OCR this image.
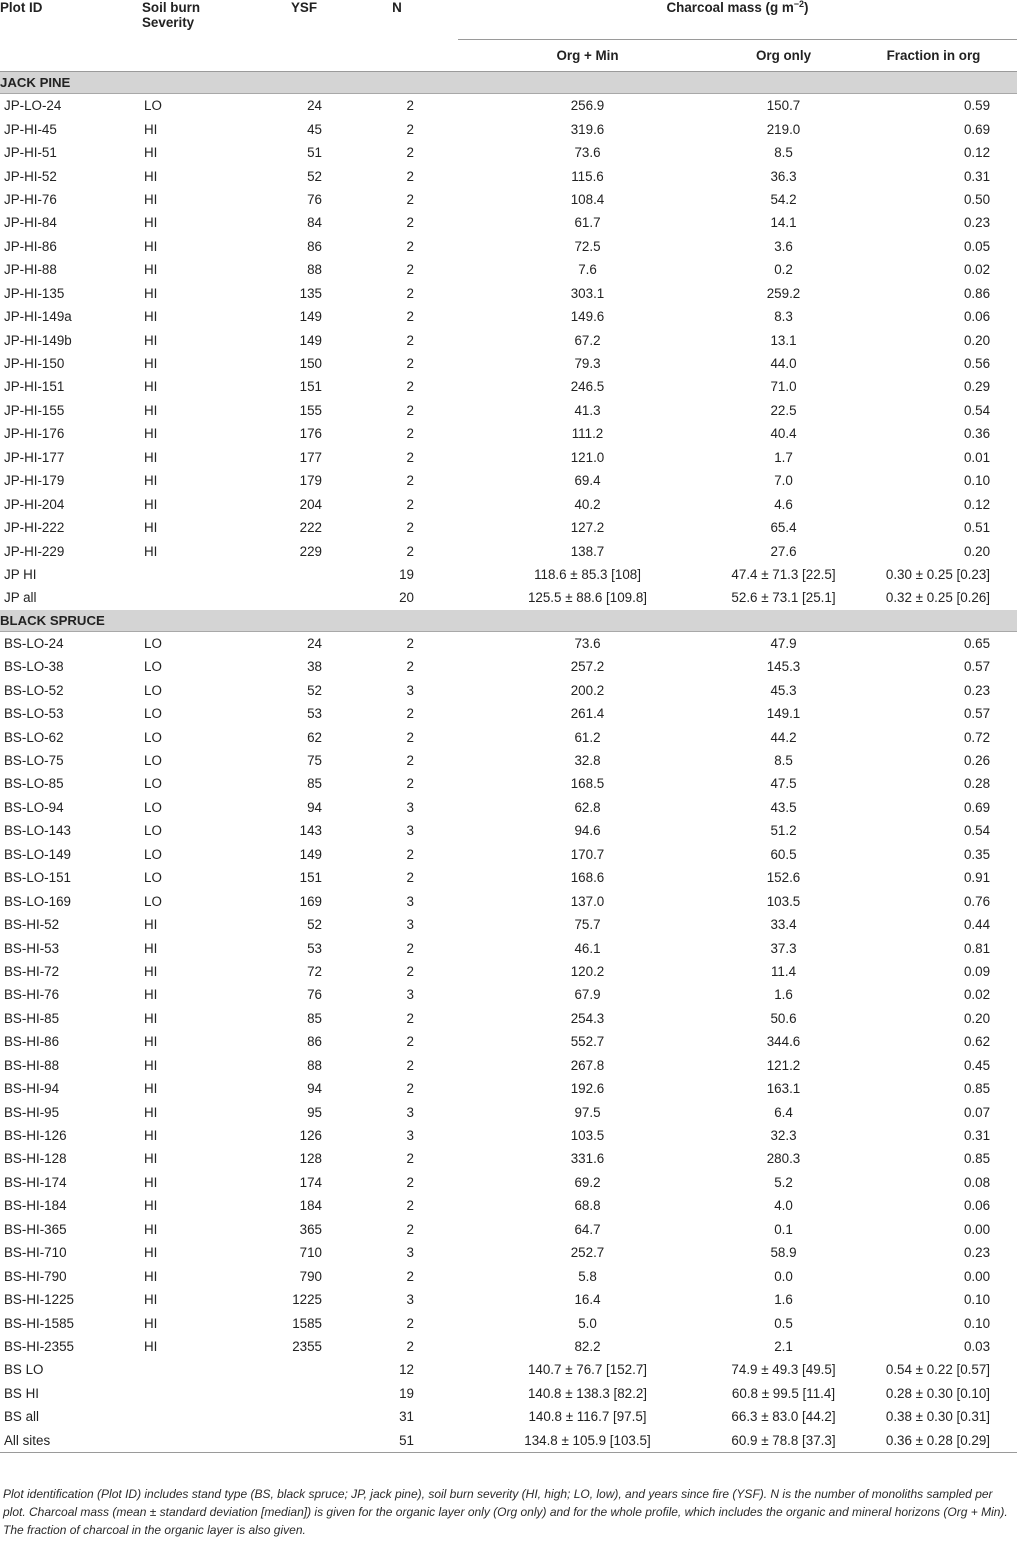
Plot ID	Soil burn
Severity	YSF	N	Charcoal mass (g $m^{-2}$)		
				Org + Min	Org only	Fraction in org
JACK PINE						
JP-LO-24	LO	24	2	256.9	150.7	0.59
JP-HI-45	HI	45	2	319.6	219.0	0.69
JP-HI-51	HI	51	2	73.6	8.5	0.12
JP-HI-52	HI	52	2	115.6	36.3	0.31
JP-HI-76	HI	76	2	108.4	54.2	0.50
JP-HI-84	HI	84	2	61.7	14.1	0.23
JP-HI-86	HI	86	2	72.5	3.6	0.05
JP-HI-88	HI	88	2	7.6	0.2	0.02
JP-HI-135	HI	135	2	303.1	259.2	0.86
JP-HI-149a	HI	149	2	149.6	8.3	0.06
JP-HI-149b	HI	149	2	67.2	13.1	0.20
JP-HI-150	HI	150	2	79.3	44.0	0.56
JP-HI-151	HI	151	2	246.5	71.0	0.29
JP-HI-155	HI	155	2	41.3	22.5	0.54
JP-HI-176	HI	176	2	111.2	40.4	0.36
JP-HI-177	HI	177	2	121.0	1.7	0.01
JP-HI-179	HI	179	2	69.4	7.0	0.10
JP-HI-204	HI	204	2	40.2	4.6	0.12
JP-HI-222	HI	222	2	127.2	65.4	0.51
JP-HI-229	HI	229	2	138.7	27.6	0.20
JP HI			19	118.6 ± 85.3 [108]	47.4 ± 71.3 [22.5]	0.30 ± 0.25 [0.23]
JP all			20	125.5 ± 88.6 [109.8]	52.6 ± 73.1 [25.1]	0.32 ± 0.25 [0.26]
BLACK SPRUCE						
BS-LO-24	LO	24	2	73.6	47.9	0.65
BS-LO-38	LO	38	2	257.2	145.3	0.57
BS-LO-52	LO	52	3	200.2	45.3	0.23
BS-LO-53	LO	53	2	261.4	149.1	0.57
BS-LO-62	LO	62	2	61.2	44.2	0.72
BS-LO-75	LO	75	2	32.8	8.5	0.26
BS-LO-85	LO	85	2	168.5	47.5	0.28
BS-LO-94	LO	94	3	62.8	43.5	0.69
BS-LO-143	LO	143	3	94.6	51.2	0.54
BS-LO-149	LO	149	2	170.7	60.5	0.35
BS-LO-151	LO	151	2	168.6	152.6	0.91
BS-LO-169	LO	169	3	137.0	103.5	0.76
BS-HI-52	HI	52	3	75.7	33.4	0.44
BS-HI-53	HI	53	2	46.1	37.3	0.81
BS-HI-72	HI	72	2	120.2	11.4	0.09
BS-HI-76	HI	76	3	67.9	1.6	0.02
BS-HI-85	HI	85	2	254.3	50.6	0.20
BS-HI-86	HI	86	2	552.7	344.6	0.62
BS-HI-88	HI	88	2	267.8	121.2	0.45
BS-HI-94	HI	94	2	192.6	163.1	0.85
BS-HI-95	HI	95	3	97.5	6.4	0.07
BS-HI-126	HI	126	3	103.5	32.3	0.31
BS-HI-128	HI	128	2	331.6	280.3	0.85
BS-HI-174	HI	174	2	69.2	5.2	0.08
BS-HI-184	HI	184	2	68.8	4.0	0.06
BS-HI-365	HI	365	2	64.7	0.1	0.00
BS-HI-710	HI	710	3	252.7	58.9	0.23
BS-HI-790	HI	790	2	5.8	0.0	0.00
BS-HI-1225	HI	1225	3	16.4	1.6	0.10
BS-HI-1585	HI	1585	2	5.0	0.5	0.10
BS-HI-2355	HI	2355	2	82.2	2.1	0.03
BS LO			12	140.7 ± 76.7 [152.7]	74.9 ± 49.3 [49.5]	0.54 ± 0.22 [0.57]
BS HI			19	140.8 ± 138.3 [82.2]	60.8 ± 99.5 [11.4]	0.28 ± 0.30 [0.10]
BS all			31	140.8 ± 116.7 [97.5]	66.3 ± 83.0 [44.2]	0.38 ± 0.30 [0.31]
All sites			51	134.8 ± 105.9 [103.5]	60.9 ± 78.8 [37.3]	0.36 ± 0.28 [0.29]

Plot identification (Plot ID) includes stand type (BS, black spruce; JP, jack pine), soil burn severity (HI, high; LO, low), and years since fire (YSF). N is the number of monoliths sampled per plot. Charcoal mass (mean ± standard deviation [median]) is given for the organic layer only (Org only) and for the whole profile, which includes the organic and mineral horizons (Org + Min). The fraction of charcoal in the organic layer is also given.
